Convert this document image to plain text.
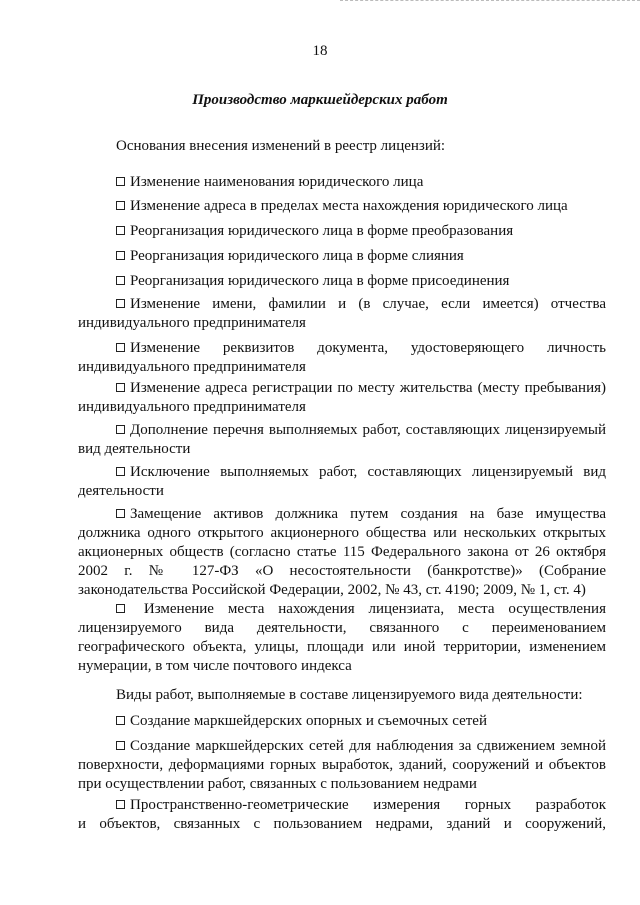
18
Производство маркшейдерских работ
Основания внесения изменений в реестр лицензий:
Изменение наименования юридического лица
Изменение адреса в пределах места нахождения юридического лица
Реорганизация юридического лица в форме преобразования
Реорганизация юридического лица в форме слияния
Реорганизация юридического лица в форме присоединения
Изменение имени, фамилии и (в случае, если имеется) отчества
индивидуального предпринимателя
Изменение реквизитов документа, удостоверяющего личность
индивидуального предпринимателя
Изменение адреса регистрации по месту жительства (месту пребывания)
индивидуального предпринимателя
Дополнение перечня выполняемых работ, составляющих лицензируемый
вид деятельности
Исключение выполняемых работ, составляющих лицензируемый вид
деятельности
Замещение активов должника путем создания на базе имущества
должника одного открытого акционерного общества или нескольких открытых акционерных обществ (согласно статье 115 Федерального закона от 26 октября 2002 г. № 127-ФЗ «О несостоятельности (банкротстве)» (Собрание законодательства Российской Федерации, 2002, № 43, ст. 4190; 2009, № 1, ст. 4)
Изменение места нахождения лицензиата, места осуществления
лицензируемого вида деятельности, связанного с переименованием географического объекта, улицы, площади или иной территории, изменением нумерации, в том числе почтового индекса
Виды работ, выполняемые в составе лицензируемого вида деятельности:
Создание маркшейдерских опорных и съемочных сетей
Создание маркшейдерских сетей для наблюдения за сдвижением земной
поверхности, деформациями горных выработок, зданий, сооружений и объектов при осуществлении работ, связанных с пользованием недрами
Пространственно-геометрические измерения горных разработок
и объектов, связанных с пользованием недрами, зданий и сооружений,
